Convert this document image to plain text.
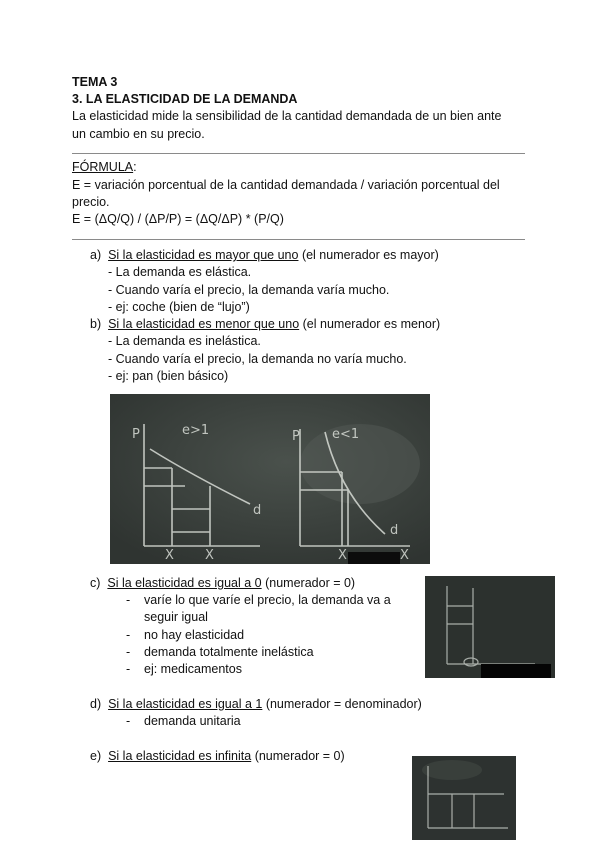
TEMA 3
3. LA ELASTICIDAD DE LA DEMANDA
La elasticidad mide la sensibilidad de la cantidad demandada de un bien ante
un cambio en su precio.
FÓRMULA:
E = variación porcentual de la cantidad demandada / variación porcentual del
precio.
E = (ΔQ/Q) / (ΔP/P) = (ΔQ/ΔP) * (P/Q)
a) Si la elasticidad es mayor que uno (el numerador es mayor)
- La demanda es elástica.
- Cuando varía el precio, la demanda varía mucho.
- ej: coche (bien de “lujo”)
b) Si la elasticidad es menor que uno (el numerador es menor)
- La demanda es inelástica.
- Cuando varía el precio, la demanda no varía mucho.
- ej: pan (bien básico)
e>1	e<1
P	P
X X	X	X
d
d
c) Si la elasticidad es igual a 0 (numerador = 0)
- varíe lo que varíe el precio, la demanda va a
seguir igual
- no hay elasticidad
- demanda totalmente inelástica
- ej: medicamentos
d) Si la elasticidad es igual a 1 (numerador = denominador)
- demanda unitaria
e) Si la elasticidad es infinita (numerador = 0)
